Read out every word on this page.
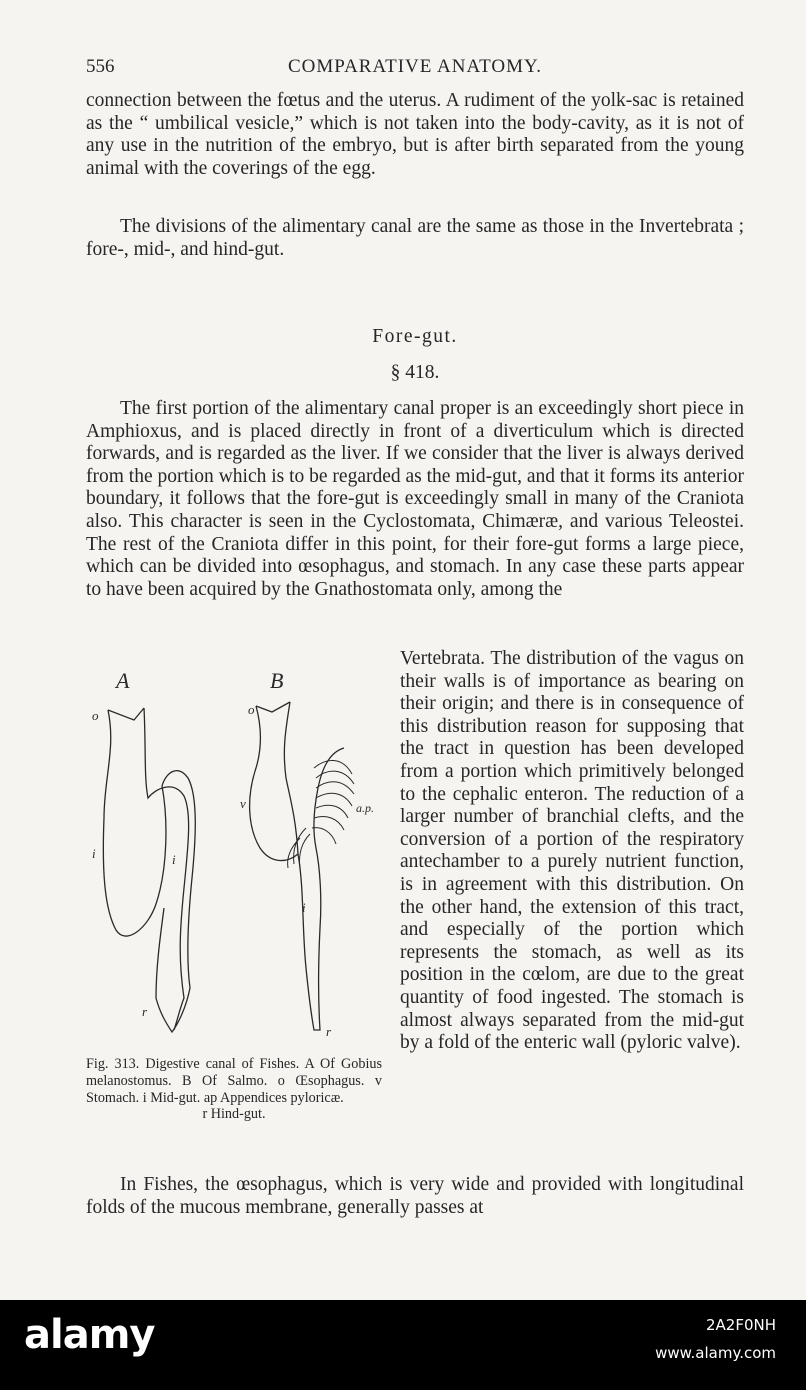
556	COMPARATIVE ANATOMY.

connection between the fœtus and the uterus. A rudiment of the yolk-sac is retained as the “ umbilical vesicle,” which is not taken into the body-cavity, as it is not of any use in the nutrition of the embryo, but is after birth separated from the young animal with the coverings of the egg.

The divisions of the alimentary canal are the same as those in the Invertebrata ; fore-, mid-, and hind-gut.

Fore-gut.
§ 418.

The first portion of the alimentary canal proper is an exceedingly short piece in Amphioxus, and is placed directly in front of a diverticulum which is directed forwards, and is regarded as the liver. If we consider that the liver is always derived from the portion which is to be regarded as the mid-gut, and that it forms its anterior boundary, it follows that the fore-gut is exceedingly small in many of the Craniota also. This character is seen in the Cyclostomata, Chimæræ, and various Teleostei. The rest of the Craniota differ in this point, for their fore-gut forms a large piece, which can be divided into œsophagus, and stomach. In any case these parts appear to have been acquired by the Gnathostomata only, among the

Vertebrata. The distribution of the vagus on their walls is of importance as bearing on their origin; and there is in consequence of this distribution reason for supposing that the tract in question has been developed from a portion which primitively belonged to the cephalic enteron. The reduction of a larger number of branchial clefts, and the conversion of a portion of the respiratory antechamber to a purely nutrient function, is in agreement with this distribution. On the other hand, the extension of this tract, and especially of the portion which represents the stomach, as well as its position in the cœlom, are due to the great quantity of food ingested. The stomach is almost always separated from the mid-gut by a fold of the enteric wall (pyloric valve).

A	B
o
i	i
r
o
v	a.p.
i
r
Fig. 313. Digestive canal of Fishes. A Of Gobius melanostomus. B Of Salmo. o Œsophagus. v Stomach. i Mid-gut. ap Appendices pyloricæ.
r Hind-gut.

In Fishes, the œsophagus, which is very wide and provided with longitudinal folds of the mucous membrane, generally passes at

alamy	2A2F0NH
www.alamy.com
